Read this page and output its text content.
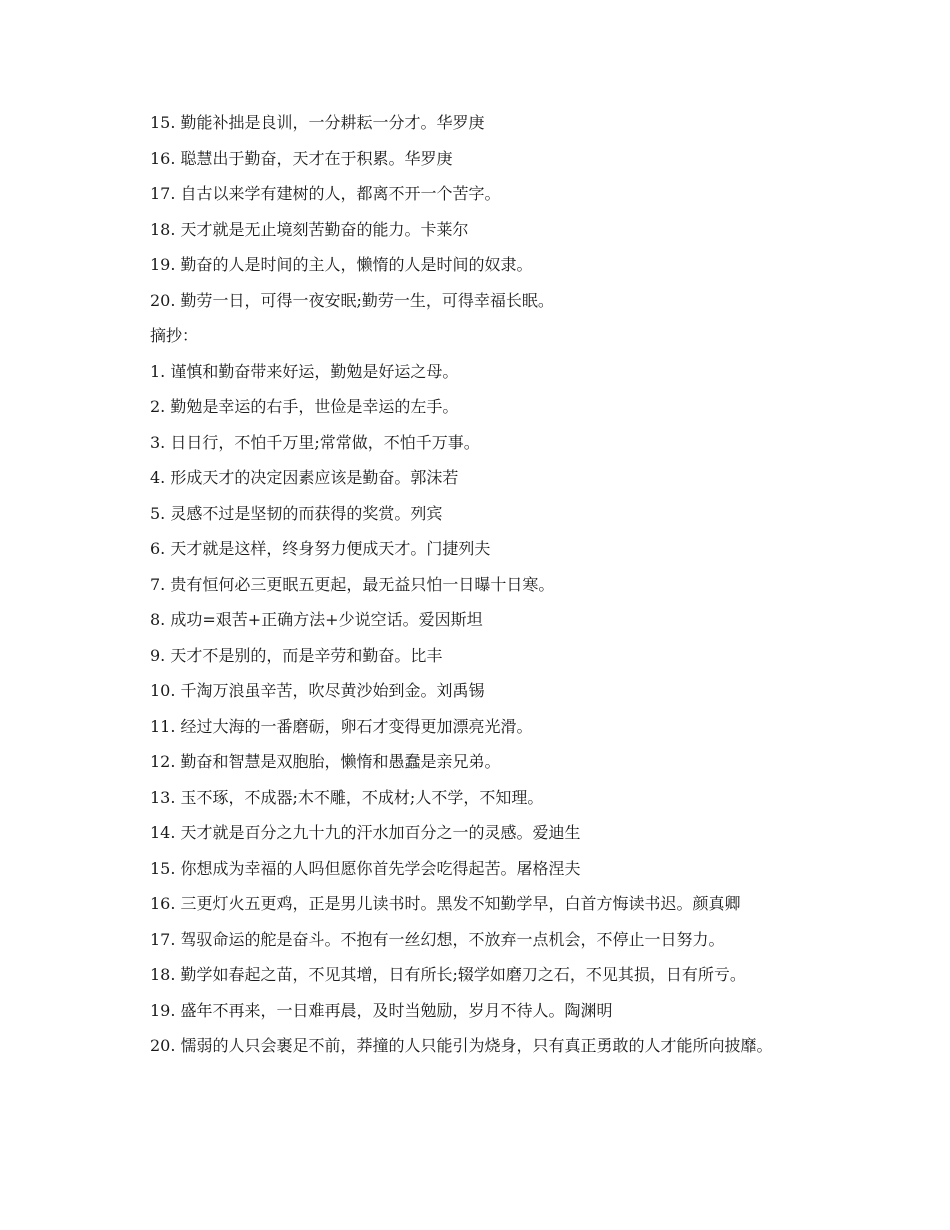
15. 勤能补拙是良训，一分耕耘一分才。华罗庚
16. 聪慧出于勤奋，天才在于积累。华罗庚
17. 自古以来学有建树的人，都离不开一个苦字。
18. 天才就是无止境刻苦勤奋的能力。卡莱尔
19. 勤奋的人是时间的主人，懒惰的人是时间的奴隶。
20. 勤劳一日，可得一夜安眠;勤劳一生，可得幸福长眠。
摘抄：
1. 谨慎和勤奋带来好运，勤勉是好运之母。
2. 勤勉是幸运的右手，世俭是幸运的左手。
3. 日日行，不怕千万里;常常做，不怕千万事。
4. 形成天才的决定因素应该是勤奋。郭沫若
5. 灵感不过是坚韧的而获得的奖赏。列宾
6. 天才就是这样，终身努力便成天才。门捷列夫
7. 贵有恒何必三更眠五更起，最无益只怕一日曝十日寒。
8. 成功=艰苦+正确方法+少说空话。爱因斯坦
9. 天才不是别的，而是辛劳和勤奋。比丰
10. 千淘万浪虽辛苦，吹尽黄沙始到金。刘禹锡
11. 经过大海的一番磨砺，卵石才变得更加漂亮光滑。
12. 勤奋和智慧是双胞胎，懒惰和愚蠢是亲兄弟。
13. 玉不琢，不成器;木不雕，不成材;人不学，不知理。
14. 天才就是百分之九十九的汗水加百分之一的灵感。爱迪生
15. 你想成为幸福的人吗但愿你首先学会吃得起苦。屠格涅夫
16. 三更灯火五更鸡，正是男儿读书时。黑发不知勤学早，白首方悔读书迟。颜真卿
17. 驾驭命运的舵是奋斗。不抱有一丝幻想，不放弃一点机会，不停止一日努力。
18. 勤学如春起之苗，不见其增，日有所长;辍学如磨刀之石，不见其损，日有所亏。
19. 盛年不再来，一日难再晨，及时当勉励，岁月不待人。陶渊明
20. 懦弱的人只会裹足不前，莽撞的人只能引为烧身，只有真正勇敢的人才能所向披靡。
